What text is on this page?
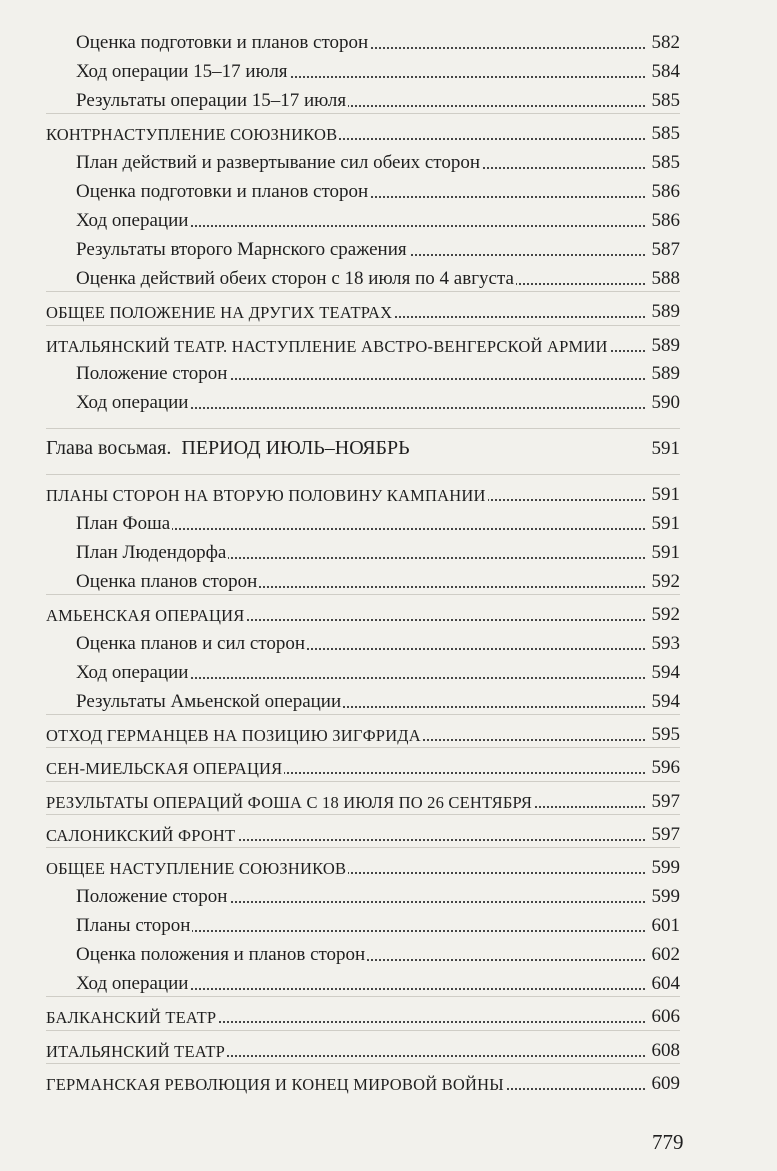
Оценка подготовки и планов сторон	582
Ход операции 15–17 июля	584
Результаты операции 15–17 июля	585
КОНТРНАСТУПЛЕНИЕ СОЮЗНИКОВ	585
План действий и развертывание сил обеих сторон	585
Оценка подготовки и планов сторон	586
Ход операции	586
Результаты второго Марнского сражения	587
Оценка действий обеих сторон с 18 июля по 4 августа	588
ОБЩЕЕ ПОЛОЖЕНИЕ НА ДРУГИХ ТЕАТРАХ	589
ИТАЛЬЯНСКИЙ ТЕАТР. НАСТУПЛЕНИЕ АВСТРО-ВЕНГЕРСКОЙ АРМИИ 589
Положение сторон	589
Ход операции	590
Глава восьмая. ПЕРИОД ИЮЛЬ–НОЯБРЬ	591
ПЛАНЫ СТОРОН НА ВТОРУЮ ПОЛОВИНУ КАМПАНИИ	591
План Фоша	591
План Людендорфа	591
Оценка планов сторон	592
АМЬЕНСКАЯ ОПЕРАЦИЯ	592
Оценка планов и сил сторон	593
Ход операции	594
Результаты Амьенской операции	594
ОТХОД ГЕРМАНЦЕВ НА ПОЗИЦИЮ ЗИГФРИДА	595
СЕН-МИЕЛЬСКАЯ ОПЕРАЦИЯ	596
РЕЗУЛЬТАТЫ ОПЕРАЦИЙ ФОША С 18 ИЮЛЯ ПО 26 СЕНТЯБРЯ	597
САЛОНИКСКИЙ ФРОНТ	597
ОБЩЕЕ НАСТУПЛЕНИЕ СОЮЗНИКОВ	599
Положение сторон	599
Планы сторон	601
Оценка положения и планов сторон	602
Ход операции	604
БАЛКАНСКИЙ ТЕАТР	606
ИТАЛЬЯНСКИЙ ТЕАТР	608
ГЕРМАНСКАЯ РЕВОЛЮЦИЯ И КОНЕЦ МИРОВОЙ ВОЙНЫ	609
779
